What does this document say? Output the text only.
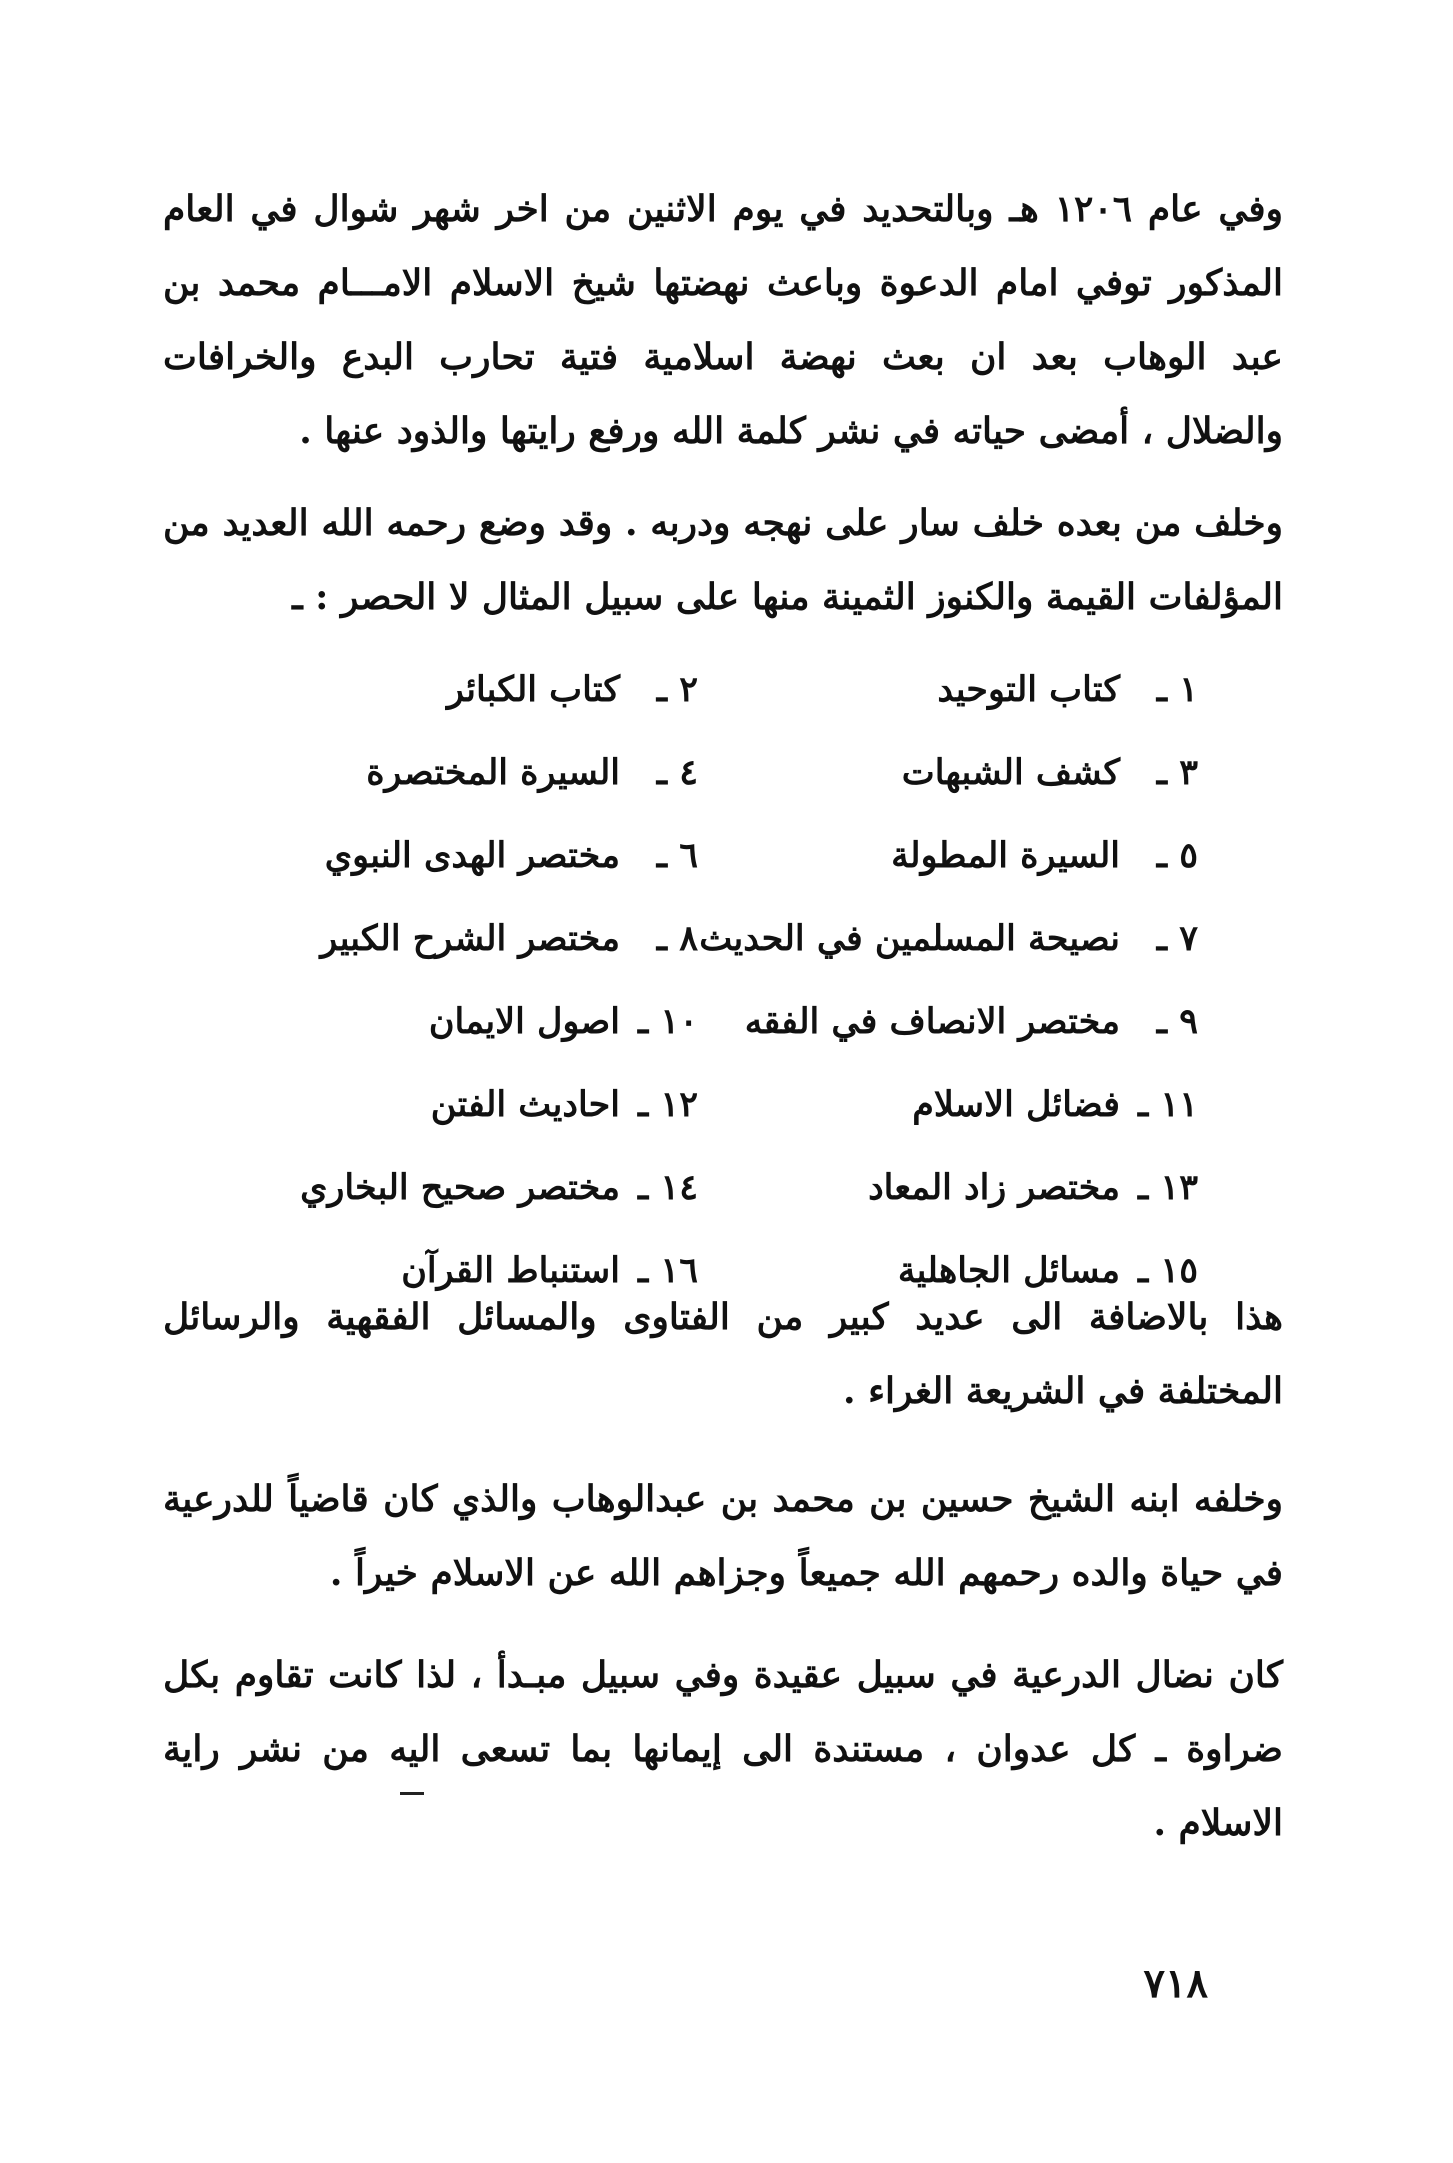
وفي عام ١٢٠٦ هـ وبالتحديد في يوم الاثنين من اخر شهر شوال في العام المذكور توفي امام الدعوة وباعث نهضتها شيخ الاسلام الامـــام محمد بن عبد الوهاب بعد ان بعث نهضة اسلامية فتية تحارب البدع والخرافات والضلال ، أمضى حياته في نشر كلمة الله ورفع رايتها والذود عنها .

وخلف من بعده خلف سار على نهجه ودربه . وقد وضع رحمه الله العديد من المؤلفات القيمة والكنوز الثمينة منها على سبيل المثال لا الحصر : ـ

١ ـ
كتاب التوحيد
٢ ـ
كتاب الكبائر
٣ ـ
كشف الشبهات
٤ ـ
السيرة المختصرة
٥ ـ
السيرة المطولة
٦ ـ
مختصر الهدى النبوي
٧ ـ
نصيحة المسلمين في الحديث
٨ ـ
مختصر الشرح الكبير
٩ ـ
مختصر الانصاف في الفقه
١٠ ـ
اصول الايمان
١١ ـ
فضائل الاسلام
١٢ ـ
احاديث الفتن
١٣ ـ
مختصر زاد المعاد
١٤ ـ
مختصر صحيح البخاري
١٥ ـ
مسائل الجاهلية
١٦ ـ
استنباط القرآن

هذا بالاضافة الى عديد كبير من الفتاوى والمسائل الفقهية والرسائل المختلفة في الشريعة الغراء .

وخلفه ابنه الشيخ حسين بن محمد بن عبدالوهاب والذي كان قاضياً للدرعية في حياة والده رحمهم الله جميعاً وجزاهم الله عن الاسلام خيراً .

كان نضال الدرعية في سبيل عقيدة وفي سبيل مبـدأ ، لذا كانت تقاوم بكل ضراوة ـ كل عدوان ، مستندة الى إيمانها بما تسعى اليه من نشر راية الاسلام .

٧١٨
